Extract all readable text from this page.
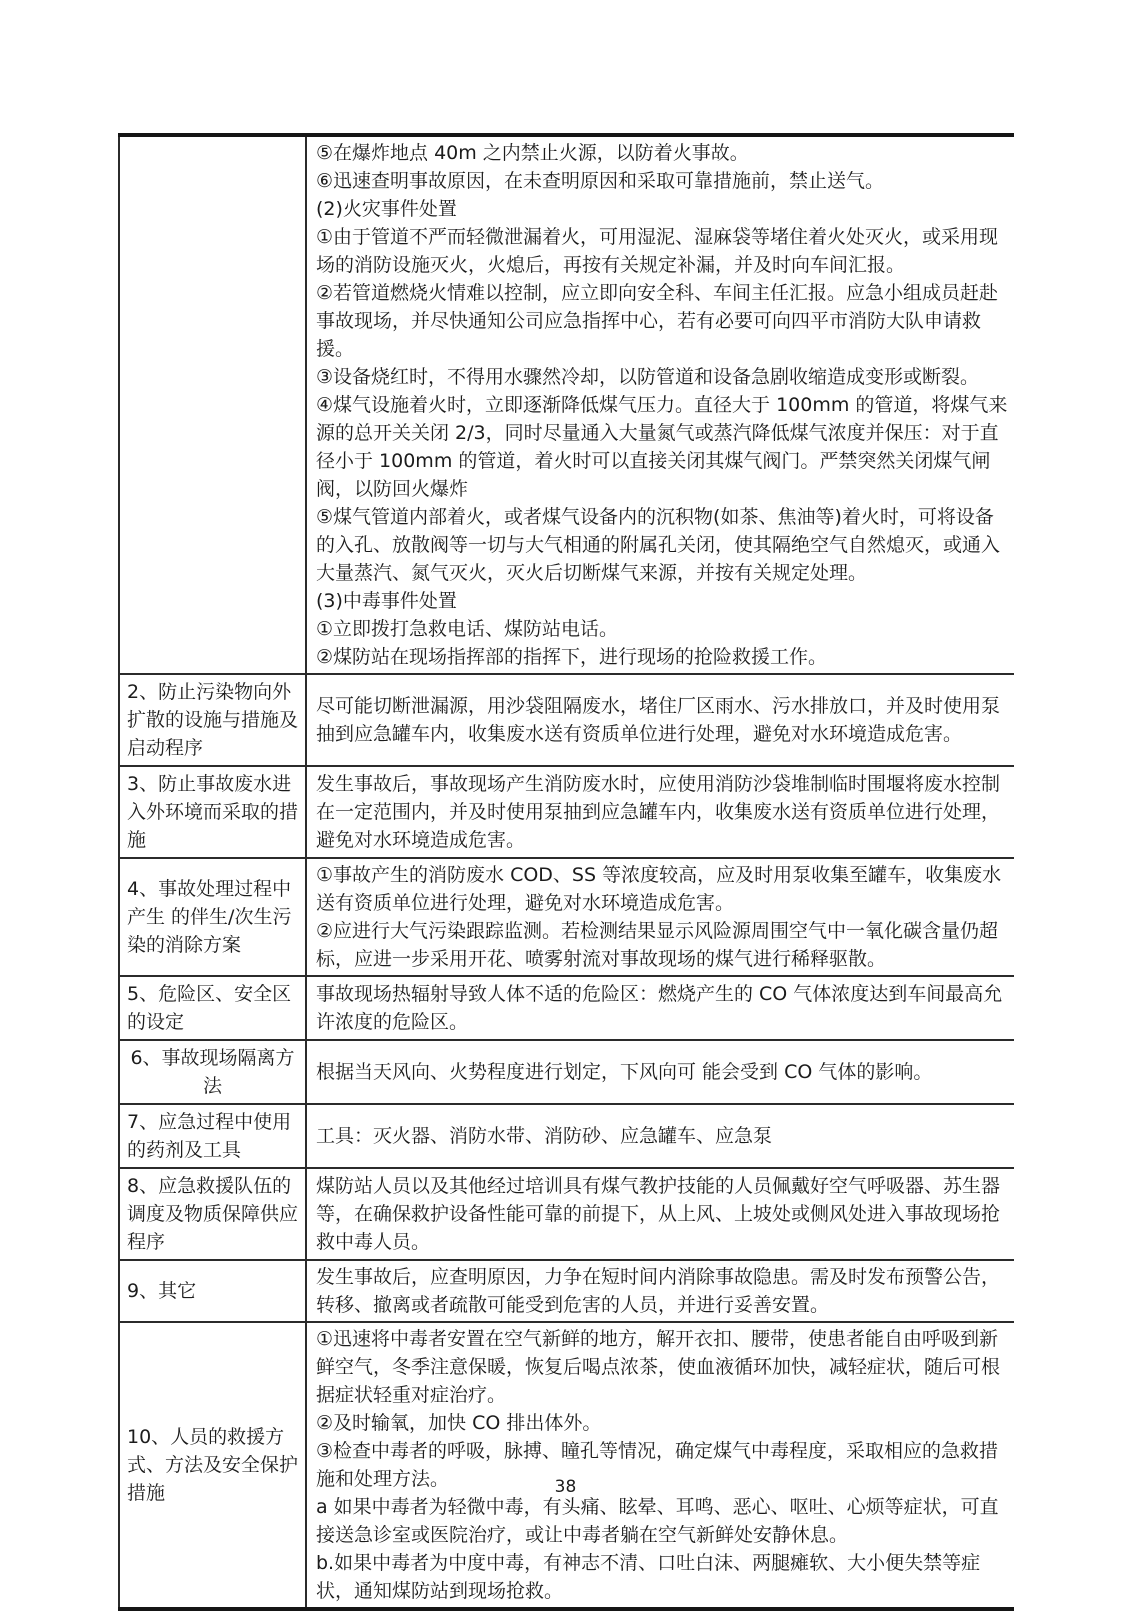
⑤在爆炸地点 40m 之内禁止火源，以防着火事故。

⑥迅速查明事故原因，在未查明原因和采取可靠措施前，禁止送气。

(2)火灾事件处置

①由于管道不严而轻微泄漏着火，可用湿泥、湿麻袋等堵住着火处灭火，或采用现场的消防设施灭火，火熄后，再按有关规定补漏，并及时向车间汇报。

②若管道燃烧火情难以控制，应立即向安全科、车间主任汇报。应急小组成员赶赴事故现场，并尽快通知公司应急指挥中心，若有必要可向四平市消防大队申请救援。

③设备烧红时，不得用水骤然冷却，以防管道和设备急剧收缩造成变形或断裂。

④煤气设施着火时，立即逐渐降低煤气压力。直径大于 100mm 的管道，将煤气来源的总开关关闭 2/3，同时尽量通入大量氮气或蒸汽降低煤气浓度并保压：对于直径小于 100mm 的管道，着火时可以直接关闭其煤气阀门。严禁突然关闭煤气闸阀，以防回火爆炸

⑤煤气管道内部着火，或者煤气设备内的沉积物(如茶、焦油等)着火时，可将设备的入孔、放散阀等一切与大气相通的附属孔关闭，使其隔绝空气自然熄灭，或通入大量蒸汽、氮气灭火，灭火后切断煤气来源，并按有关规定处理。

(3)中毒事件处置

①立即拨打急救电话、煤防站电话。

②煤防站在现场指挥部的指挥下，进行现场的抢险救援工作。

2、防止污染物向外扩散的设施与措施及启动程序	尽可能切断泄漏源，用沙袋阻隔废水，堵住厂区雨水、污水排放口，并及时使用泵抽到应急罐车内，收集废水送有资质单位进行处理，避免对水环境造成危害。

3、防止事故废水进入外环境而采取的措施	发生事故后，事故现场产生消防废水时，应使用消防沙袋堆制临时围堰将废水控制在一定范围内，并及时使用泵抽到应急罐车内，收集废水送有资质单位进行处理，避免对水环境造成危害。

4、事故处理过程中产生 的伴生/次生污染的消除方案	①事故产生的消防废水 COD、SS 等浓度较高，应及时用泵收集至罐车，收集废水送有资质单位进行处理，避免对水环境造成危害。

②应进行大气污染跟踪监测。若检测结果显示风险源周围空气中一氧化碳含量仍超标，应进一步采用开花、喷雾射流对事故现场的煤气进行稀释驱散。

5、危险区、安全区的设定	事故现场热辐射导致人体不适的危险区：燃烧产生的 CO 气体浓度达到车间最高允许浓度的危险区。

6、事故现场隔离方法	根据当天风向、火势程度进行划定，下风向可 能会受到 CO 气体的影响。

7、应急过程中使用的药剂及工具	工具：灭火器、消防水带、消防砂、应急罐车、应急泵

8、应急救援队伍的调度及物质保障供应程序	煤防站人员以及其他经过培训具有煤气教护技能的人员佩戴好空气呼吸器、苏生器等，在确保救护设备性能可靠的前提下，从上风、上坡处或侧风处进入事故现场抢救中毒人员。

9、其它	发生事故后，应查明原因，力争在短时间内消除事故隐患。需及时发布预警公告，转移、撤离或者疏散可能受到危害的人员，并进行妥善安置。

10、人员的救援方式、方法及安全保护措施	①迅速将中毒者安置在空气新鲜的地方，解开衣扣、腰带，使患者能自由呼吸到新鲜空气，冬季注意保暖，恢复后喝点浓茶，使血液循环加快，减轻症状，随后可根据症状轻重对症治疗。

②及时输氧，加快 CO 排出体外。

③检查中毒者的呼吸，脉搏、瞳孔等情况，确定煤气中毒程度，采取相应的急救措施和处理方法。

a 如果中毒者为轻微中毒，有头痛、眩晕、耳鸣、恶心、呕吐、心烦等症状，可直接送急诊室或医院治疗，或让中毒者躺在空气新鲜处安静休息。

b.如果中毒者为中度中毒，有神志不清、口吐白沫、两腿瘫软、大小便失禁等症状，通知煤防站到现场抢救。

38
